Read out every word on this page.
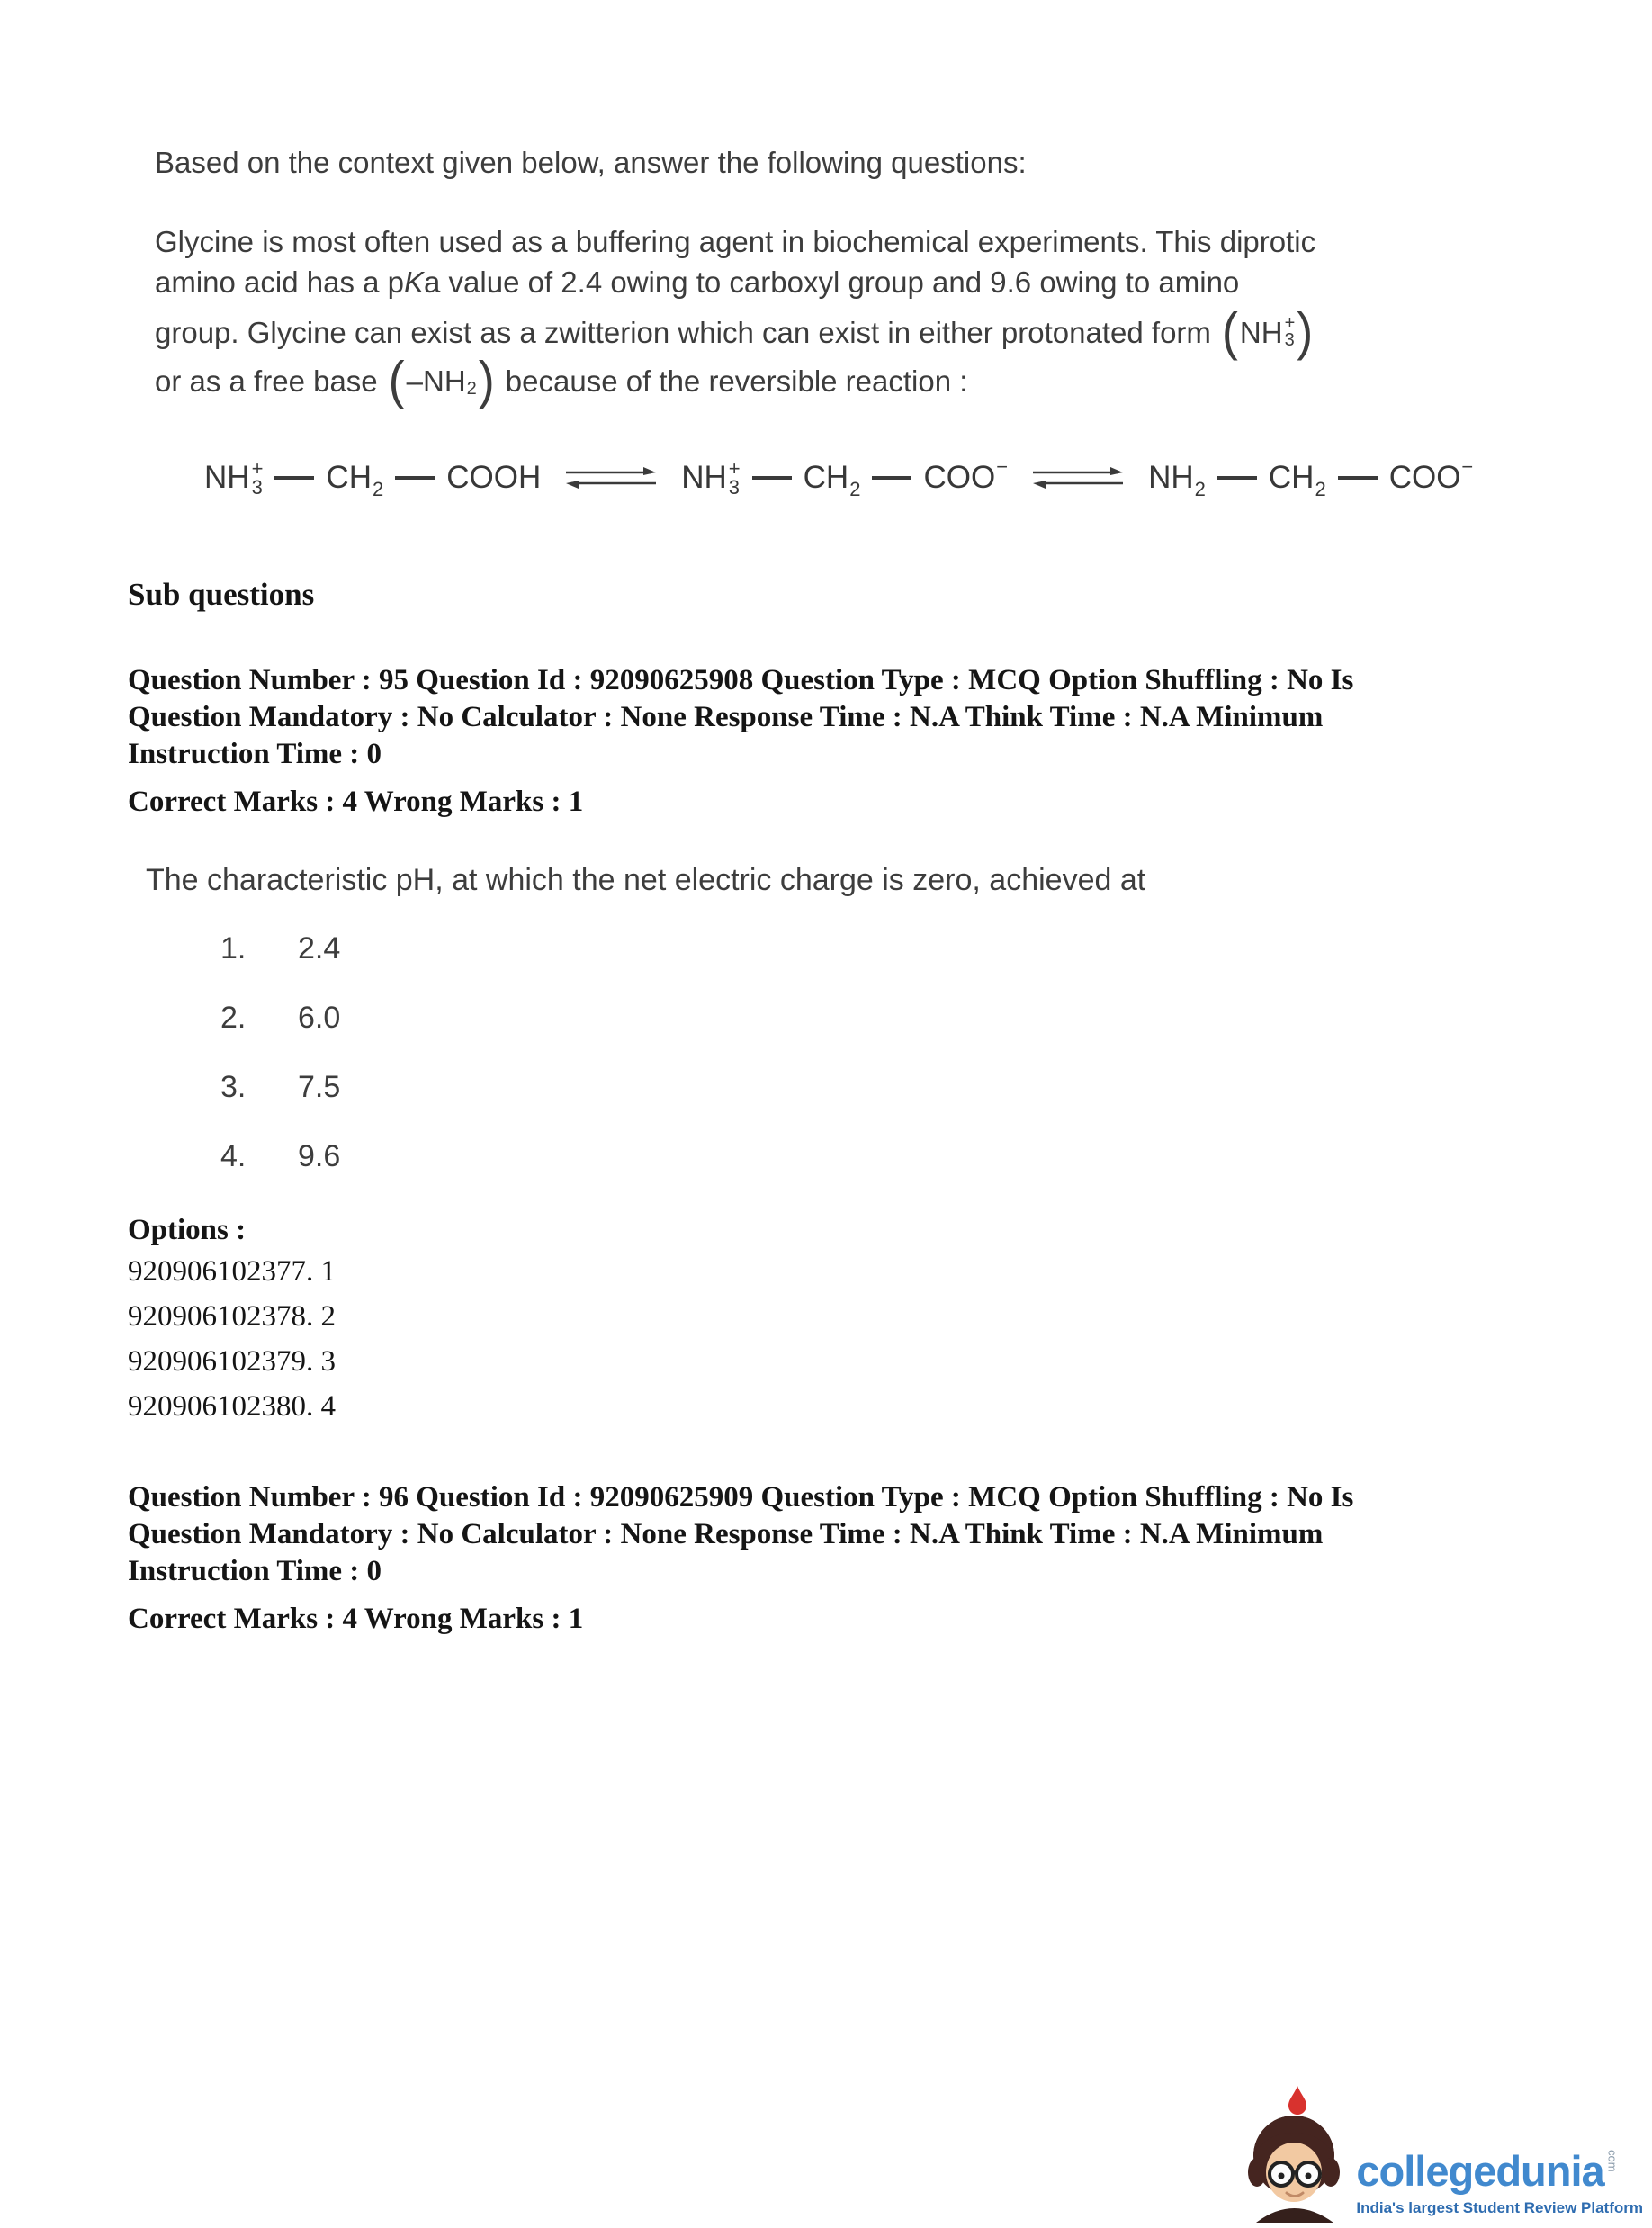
Based on the context given below, answer the following questions:
Glycine is most often used as a buffering agent in biochemical experiments. This diprotic
amino acid has a pKa value of 2.4 owing to carboxyl group and 9.6 owing to amino
group. Glycine can exist as a zwitterion which can exist in either protonated form ( NH +
3 )
or as a free base ( –NH 2 ) because of the reversible reaction :
NH +
3 CH 2 COOH ⇌ NH +
3 CH 2 COO − ⇌ NH 2 CH 2 COO −
Sub questions
Question Number : 95 Question Id : 92090625908 Question Type : MCQ Option Shuffling : No Is
Question Mandatory : No Calculator : None Response Time : N.A Think Time : N.A Minimum
Instruction Time : 0
Correct Marks : 4 Wrong Marks : 1
The characteristic pH, at which the net electric charge is zero, achieved at
1.	2.4
2.	6.0
3.	7.5
4.	9.6
Options :
920906102377. 1
920906102378. 2
920906102379. 3
920906102380. 4
Question Number : 96 Question Id : 92090625909 Question Type : MCQ Option Shuffling : No Is
Question Mandatory : No Calculator : None Response Time : N.A Think Time : N.A Minimum
Instruction Time : 0
Correct Marks : 4 Wrong Marks : 1
collegedunia com
India's largest Student Review Platform
